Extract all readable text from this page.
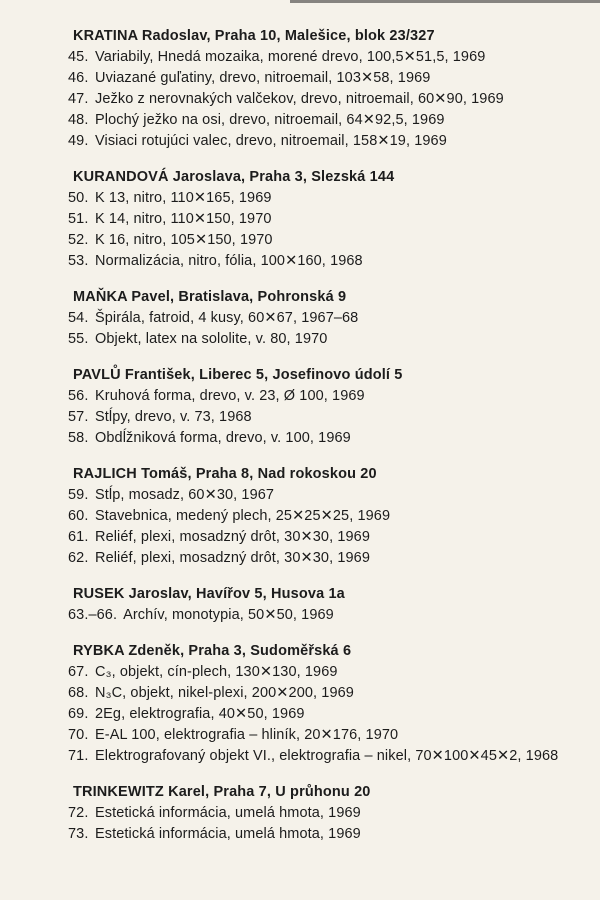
KRATINA Radoslav, Praha 10, Malešice, blok 23/327
45. Variabily, Hnedá mozaika, morené drevo, 100,5✕51,5, 1969
46. Uviazané guľatiny, drevo, nitroemail, 103✕58, 1969
47. Ježko z nerovnakých valčekov, drevo, nitroemail, 60✕90, 1969
48. Plochý ježko na osi, drevo, nitroemail, 64✕92,5, 1969
49. Visiaci rotujúci valec, drevo, nitroemail, 158✕19, 1969
KURANDOVÁ Jaroslava, Praha 3, Slezská 144
50. K 13, nitro, 110✕165, 1969
51. K 14, nitro, 110✕150, 1970
52. K 16, nitro, 105✕150, 1970
53. Normalizácia, nitro, fólia, 100✕160, 1968
MAŇKA Pavel, Bratislava, Pohronská 9
54. Špirála, fatroid, 4 kusy, 60✕67, 1967–68
55. Objekt, latex na sololite, v. 80, 1970
PAVLŮ František, Liberec 5, Josefinovo údolí 5
56. Kruhová forma, drevo, v. 23, Ø 100, 1969
57. Stĺpy, drevo, v. 73, 1968
58. Obdĺžniková forma, drevo, v. 100, 1969
RAJLICH Tomáš, Praha 8, Nad rokoskou 20
59. Stĺp, mosadz, 60✕30, 1967
60. Stavebnica, medený plech, 25✕25✕25, 1969
61. Reliéf, plexi, mosadzný drôt, 30✕30, 1969
62. Reliéf, plexi, mosadzný drôt, 30✕30, 1969
RUSEK Jaroslav, Havířov 5, Husova 1a
63.–66. Archív, monotypia, 50✕50, 1969
RYBKA Zdeněk, Praha 3, Sudoměřská 6
67. C₃, objekt, cín-plech, 130✕130, 1969
68. N₃C, objekt, nikel-plexi, 200✕200, 1969
69. 2Eg, elektrografia, 40✕50, 1969
70. E-AL 100, elektrografia – hliník, 20✕176, 1970
71. Elektrografovaný objekt VI., elektrografia – nikel, 70✕100✕45✕2, 1968
TRINKEWITZ Karel, Praha 7, U průhonu 20
72. Estetická informácia, umelá hmota, 1969
73. Estetická informácia, umelá hmota, 1969
